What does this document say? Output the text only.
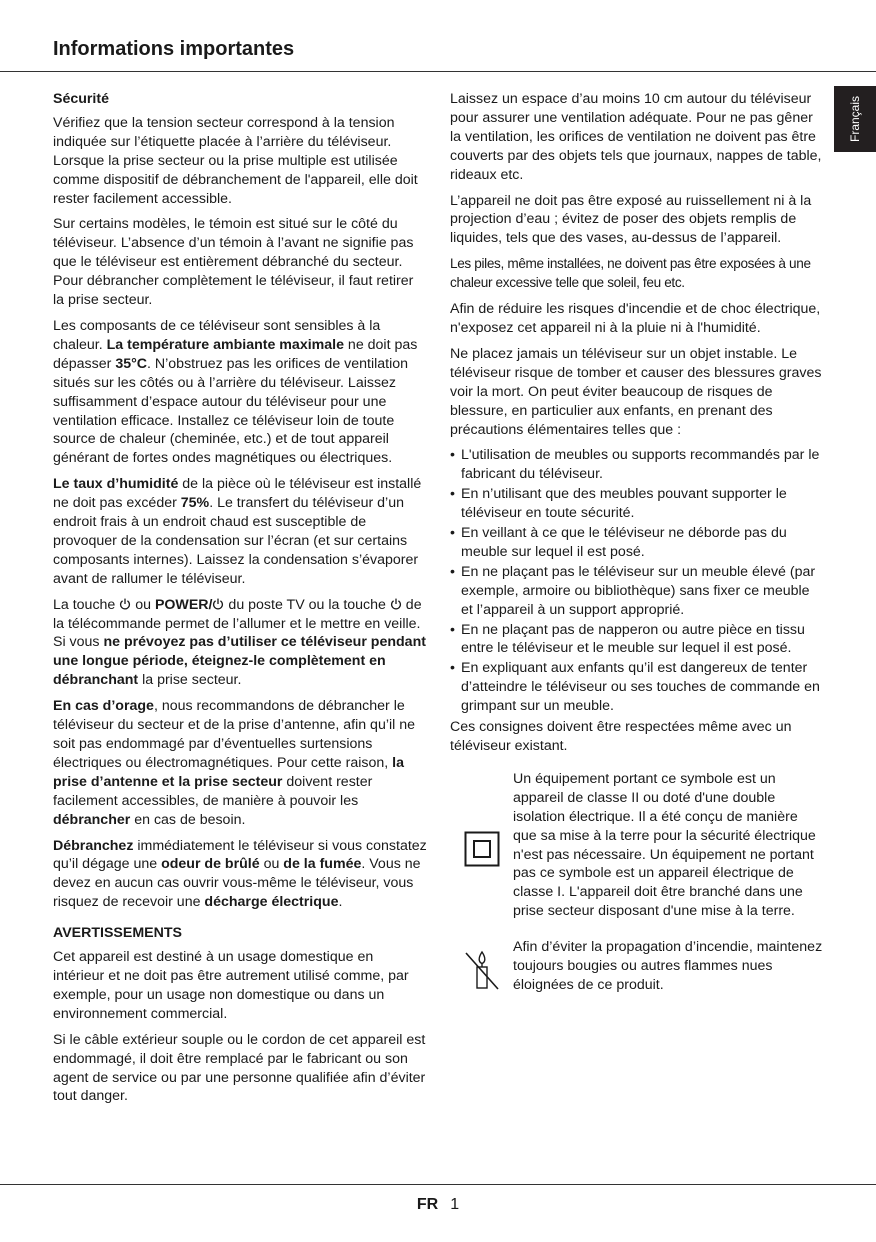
Informations importantes
Français
Sécurité

Vérifiez que la tension secteur correspond à la tension indiquée sur l’étiquette placée à l’arrière du téléviseur. Lorsque la prise secteur ou la prise multiple est utilisée comme dispositif de débranchement de l'appareil, elle doit rester facilement accessible.

Sur certains modèles, le témoin est situé sur le côté du téléviseur. L’absence d’un témoin à l’avant ne signifie pas que le téléviseur est entièrement débranché du secteur. Pour débrancher complètement le téléviseur, il faut retirer la prise secteur.

Les composants de ce téléviseur sont sensibles à la chaleur. La température ambiante maximale ne doit pas dépasser 35°C. N’obstruez pas les orifices de ventilation situés sur les côtés ou à l’arrière du téléviseur. Laissez suffisamment d’espace autour du téléviseur pour une ventilation efficace. Installez ce téléviseur loin de toute source de chaleur (cheminée, etc.) et de tout appareil générant de fortes ondes magnétiques ou électriques.

Le taux d’humidité de la pièce où le téléviseur est installé ne doit pas excéder 75%. Le transfert du téléviseur d’un endroit frais à un endroit chaud est susceptible de provoquer de la condensation sur l’écran (et sur certains composants internes). Laissez la condensation s’évaporer avant de rallumer le téléviseur.

La touche  ou POWER/ du poste TV ou la touche  de la télécommande permet de l’allumer et le mettre en veille. Si vous ne prévoyez pas d’utiliser ce téléviseur pendant une longue période, éteignez-le complètement en débranchant la prise secteur.

En cas d’orage, nous recommandons de débrancher le téléviseur du secteur et de la prise d’antenne, afin qu’il ne soit pas endommagé par d’éventuelles surtensions électriques ou électromagnétiques. Pour cette raison, la prise d’antenne et la prise secteur doivent rester facilement accessibles, de manière à pouvoir les débrancher en cas de besoin.

Débranchez immédiatement le téléviseur si vous constatez qu’il dégage une odeur de brûlé ou de la fumée. Vous ne devez en aucun cas ouvrir vous-même le téléviseur, vous risquez de recevoir une décharge électrique.

AVERTISSEMENTS

Cet appareil est destiné à un usage domestique en intérieur et ne doit pas être autrement utilisé comme, par exemple, pour un usage non domestique ou dans un environnement commercial.

Si le câble extérieur souple ou le cordon de cet appareil est endommagé, il doit être remplacé par le fabricant ou son agent de service ou par une personne qualifiée afin d’éviter tout danger.

Laissez un espace d’au moins 10 cm autour du téléviseur pour assurer une ventilation adéquate. Pour ne pas gêner la ventilation, les orifices de ventilation ne doivent pas être couverts par des objets tels que journaux, nappes de table, rideaux etc.

L’appareil ne doit pas être exposé au ruissellement ni à la projection d’eau ; évitez de poser des objets remplis de liquides, tels que des vases, au-dessus de l’appareil.

Les piles, même installées, ne doivent pas être exposées à une chaleur excessive telle que soleil, feu etc.

Afin de réduire les risques d'incendie et de choc électrique, n'exposez cet appareil ni à la pluie ni à l'humidité.

Ne placez jamais un téléviseur sur un objet instable. Le téléviseur risque de tomber et causer des blessures graves voir la mort. On peut éviter beaucoup de risques de blessure, en particulier aux enfants, en prenant des précautions élémentaires telles que :

• L'utilisation de meubles ou supports recommandés par le fabricant du téléviseur.
• En n’utilisant que des meubles pouvant supporter le téléviseur en toute sécurité.
• En veillant à ce que le téléviseur ne déborde pas du meuble sur lequel il est posé.
• En ne plaçant pas le téléviseur sur un meuble élevé (par exemple, armoire ou bibliothèque) sans fixer ce meuble et l’appareil à un support approprié.
• En ne plaçant pas de napperon ou autre pièce en tissu entre le téléviseur et le meuble sur lequel il est posé.
• En expliquant aux enfants qu’il est dangereux de tenter d’atteindre le téléviseur ou ses touches de commande en grimpant sur un meuble.

Ces consignes doivent être respectées même avec un téléviseur existant.

Un équipement portant ce symbole est un appareil de classe II ou doté d'une double isolation électrique. Il a été conçu de manière que sa mise à la terre pour la sécurité électrique n'est pas nécessaire. Un équipement ne portant pas ce symbole est un appareil électrique de classe I. L'appareil doit être branché dans une prise secteur disposant d'une mise à la terre.

Afin d’éviter la propagation d’incendie, maintenez toujours bougies ou autres flammes nues éloignées de ce produit.

FR 1
